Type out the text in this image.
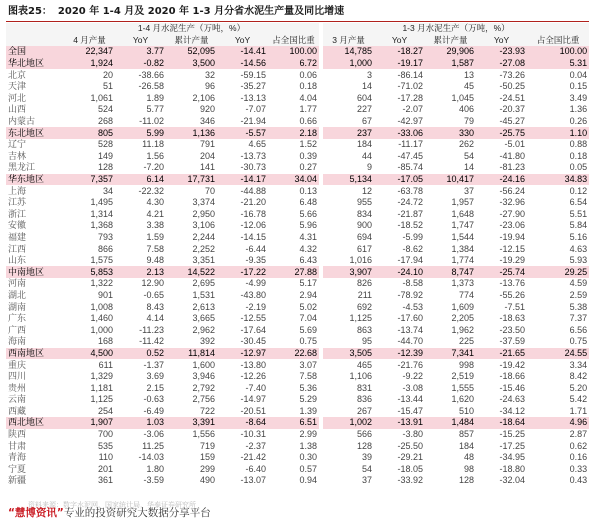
图表25： 2020 年 1-4 月及 2020 年 1-3 月分省水泥生产量及同比增速
	1-4 月水泥生产（万吨，%）						1-3 月水泥生产（万吨，%）				
	4 月产量	YoY	累计产量	YoY	占全国比重		3 月产量	YoY	累计产量	YoY	占全国比重
全国	22,347	3.77	52,095	-14.41	100.00		14,785	-18.27	29,906	-23.93	100.00
华北地区	1,924	-0.82	3,500	-14.56	6.72		1,000	-19.17	1,587	-27.08	5.31
北京	20	-38.66	32	-59.15	0.06		3	-86.14	13	-73.26	0.04
天津	51	-26.58	96	-35.27	0.18		14	-71.02	45	-50.25	0.15
河北	1,061	1.89	2,106	-13.13	4.04		604	-17.28	1,045	-24.51	3.49
山西	524	5.77	920	-7.07	1.77		227	-2.07	406	-20.37	1.36
内蒙古	268	-11.02	346	-21.94	0.66		67	-42.97	79	-45.27	0.26
东北地区	805	5.99	1,136	-5.57	2.18		237	-33.06	330	-25.75	1.10
辽宁	528	11.18	791	4.65	1.52		184	-11.17	262	-5.01	0.88
吉林	149	1.56	204	-13.73	0.39		44	-47.45	54	-41.80	0.18
黑龙江	128	-7.20	141	-30.73	0.27		9	-85.74	14	-81.23	0.05
华东地区	7,357	6.14	17,731	-14.17	34.04		5,134	-17.05	10,417	-24.16	34.83
上海	34	-22.32	70	-44.88	0.13		12	-63.78	37	-56.24	0.12
江苏	1,495	4.30	3,374	-21.20	6.48		955	-24.72	1,957	-32.96	6.54
浙江	1,314	4.21	2,950	-16.78	5.66		834	-21.87	1,648	-27.90	5.51
安徽	1,368	3.38	3,106	-12.06	5.96		900	-18.52	1,747	-23.06	5.84
福建	793	1.59	2,244	-14.15	4.31		694	-5.99	1,544	-19.94	5.16
江西	866	7.58	2,252	-6.44	4.32		617	-8.62	1,384	-12.15	4.63
山东	1,575	9.48	3,351	-9.35	6.43		1,016	-17.94	1,774	-19.29	5.93
中南地区	5,853	2.13	14,522	-17.22	27.88		3,907	-24.10	8,747	-25.74	29.25
河南	1,322	12.90	2,695	-4.99	5.17		826	-8.58	1,373	-13.76	4.59
湖北	901	-0.65	1,531	-43.80	2.94		211	-78.92	774	-55.26	2.59
湖南	1,008	8.43	2,613	-2.19	5.02		692	-4.53	1,609	-7.51	5.38
广东	1,460	4.14	3,665	-12.55	7.04		1,125	-17.60	2,205	-18.63	7.37
广西	1,000	-11.23	2,962	-17.64	5.69		863	-13.74	1,962	-23.50	6.56
海南	168	-11.42	392	-30.45	0.75		95	-44.70	225	-37.59	0.75
西南地区	4,500	0.52	11,814	-12.97	22.68		3,505	-12.39	7,341	-21.65	24.55
重庆	611	-1.37	1,600	-13.80	3.07		465	-21.76	998	-19.42	3.34
四川	1,329	3.69	3,946	-12.26	7.58		1,106	-9.22	2,519	-18.66	8.42
贵州	1,181	2.15	2,792	-7.40	5.36		831	-3.08	1,555	-15.46	5.20
云南	1,125	-0.63	2,756	-14.97	5.29		836	-13.44	1,620	-24.63	5.42
西藏	254	-6.49	722	-20.51	1.39		267	-15.47	510	-34.12	1.71
西北地区	1,907	1.03	3,391	-8.64	6.51		1,002	-13.91	1,484	-18.64	4.96
陕西	700	-3.06	1,556	-10.31	2.99		566	-3.80	857	-15.25	2.87
甘肃	535	11.25	719	-2.37	1.38		128	-25.50	184	-17.25	0.62
青海	110	-14.03	159	-21.42	0.30		39	-29.21	48	-34.95	0.16
宁夏	201	1.80	299	-6.40	0.57		54	-18.05	98	-18.80	0.33
新疆	361	-3.59	490	-13.07	0.94		37	-33.92	128	-32.04	0.43
资料来源：数字水泥网，国家统计局，华泰证券研究所
“慧博资讯”专业的投资研究大数据分享平台
